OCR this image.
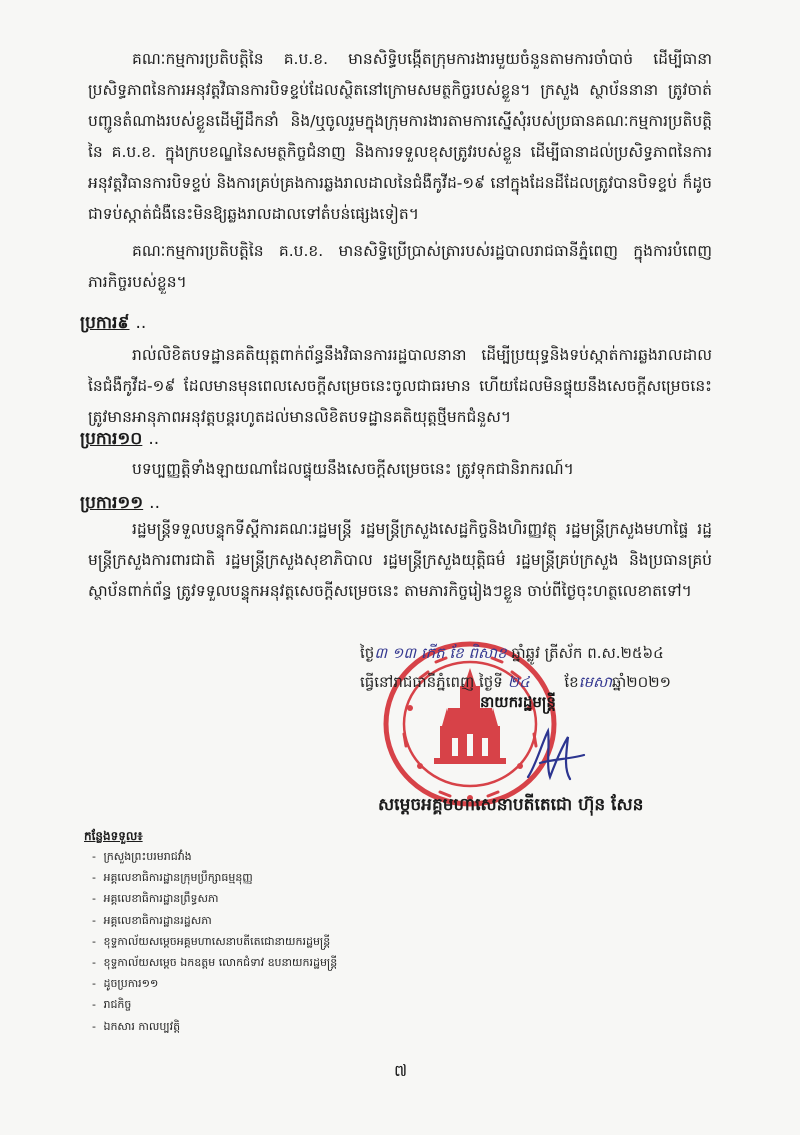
គណៈកម្មការប្រតិបត្តិនៃ គ.ប.ខ. មានសិទ្ធិបង្កើតក្រុមការងារមួយចំនួនតាមការចាំបាច់ ដើម្បីធានាប្រសិទ្ធភាពនៃការអនុវត្តវិធានការបិទខ្ទប់ដែលស្ថិតនៅក្រោមសមត្ថកិច្ចរបស់ខ្លួន។ ក្រសួង ស្ថាប័ននានា ត្រូវចាត់បញ្ជូនតំណាងរបស់ខ្លួនដើម្បីដឹកនាំ និង/ឬចូលរួមក្នុងក្រុមការងារតាមការស្នើសុំរបស់ប្រធានគណៈកម្មការប្រតិបត្តិនៃ គ.ប.ខ. ក្នុងក្របខណ្ឌនៃសមត្ថកិច្ចជំនាញ និងការទទួលខុសត្រូវរបស់ខ្លួន ដើម្បីធានាដល់ប្រសិទ្ធភាពនៃការអនុវត្តវិធានការបិទខ្ទប់ និងការគ្រប់គ្រងការឆ្លងរាលដាលនៃជំងឺកូវីដ-១៩ នៅក្នុងដែនដីដែលត្រូវបានបិទខ្ទប់ ក៏ដូចជាទប់ស្កាត់ជំងឺនេះមិនឱ្យឆ្លងរាលដាលទៅតំបន់ផ្សេងទៀត។

គណៈកម្មការប្រតិបត្តិនៃ គ.ប.ខ. មានសិទ្ធិប្រើប្រាស់ត្រារបស់រដ្ឋបាលរាជធានីភ្នំពេញ ក្នុងការបំពេញភារកិច្ចរបស់ខ្លួន។

ប្រការ៩ ..

រាល់លិខិតបទដ្ឋានគតិយុត្តពាក់ព័ន្ធនឹងវិធានការរដ្ឋបាលនានា ដើម្បីប្រយុទ្ធនិងទប់ស្កាត់ការឆ្លងរាលដាលនៃជំងឺកូវីដ-១៩ ដែលមានមុនពេលសេចក្តីសម្រេចនេះចូលជាធរមាន ហើយដែលមិនផ្ទុយនឹងសេចក្តីសម្រេចនេះ ត្រូវមានអានុភាពអនុវត្តបន្តរហូតដល់មានលិខិតបទដ្ឋានគតិយុត្តថ្មីមកជំនួស។

ប្រការ១០ ..

បទប្បញ្ញត្តិទាំងឡាយណាដែលផ្ទុយនឹងសេចក្តីសម្រេចនេះ ត្រូវទុកជានិរាករណ៍។

ប្រការ១១ ..

រដ្ឋមន្ត្រីទទួលបន្ទុកទីស្តីការគណៈរដ្ឋមន្ត្រី រដ្ឋមន្ត្រីក្រសួងសេដ្ឋកិច្ចនិងហិរញ្ញវត្ថុ រដ្ឋមន្ត្រីក្រសួងមហាផ្ទៃ រដ្ឋមន្ត្រីក្រសួងការពារជាតិ រដ្ឋមន្ត្រីក្រសួងសុខាភិបាល រដ្ឋមន្ត្រីក្រសួងយុត្តិធម៌ រដ្ឋមន្ត្រីគ្រប់ក្រសួង និងប្រធានគ្រប់ស្ថាប័នពាក់ព័ន្ធ ត្រូវទទួលបន្ទុកអនុវត្តសេចក្តីសម្រេចនេះ តាមភារកិច្ចរៀងៗខ្លួន ចាប់ពីថ្ងៃចុះហត្ថលេខាតទៅ។

ថ្ងៃ៣ ១៣ កើត ខែ ពិសាខ ឆ្នាំឆ្លូវ ត្រីស័ក ព.ស.២៥៦៤
ធ្វើនៅរាជធានីភ្នំពេញ ថ្ងៃទី ២៤ ខែមេសាឆ្នាំ២០២១
នាយករដ្ឋមន្ត្រី
សម្តេចអគ្គមហាសេនាបតីតេជោ ហ៊ុន សែន
កន្លែងទទួល៖
- ក្រសួងព្រះបរមរាជវាំង
- អគ្គលេខាធិការដ្ឋានក្រុមប្រឹក្សាធម្មនុញ្ញ
- អគ្គលេខាធិការដ្ឋានព្រឹទ្ធសភា
- អគ្គលេខាធិការដ្ឋានរដ្ឋសភា
- ខុទ្ទកាល័យសម្តេចអគ្គមហាសេនាបតីតេជោនាយករដ្ឋមន្ត្រី
- ខុទ្ទកាល័យសម្តេច ឯកឧត្តម លោកជំទាវ ឧបនាយករដ្ឋមន្ត្រី
- ដូចប្រការ១១
- រាជកិច្ច
- ឯកសារ កាលប្បវត្តិ
៧
